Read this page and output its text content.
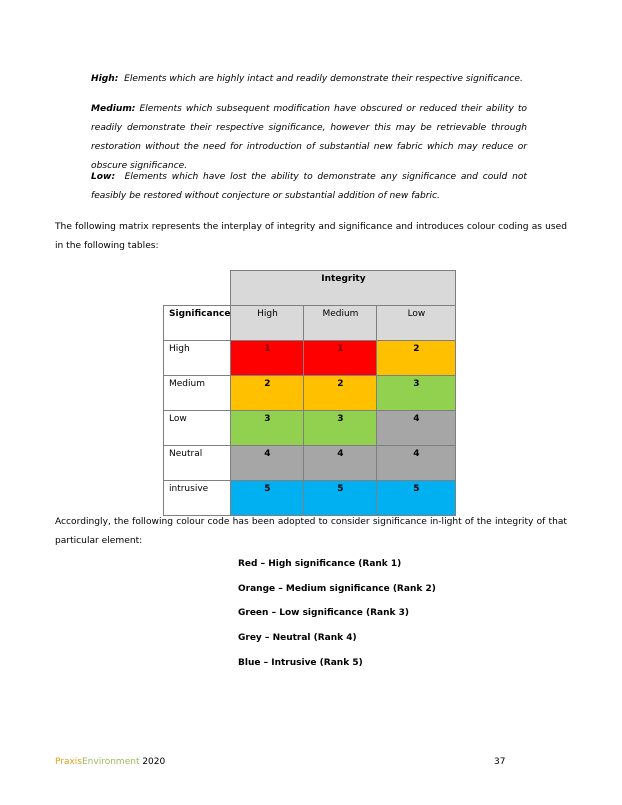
High: Elements which are highly intact and readily demonstrate their respective significance.

Medium: Elements which subsequent modification have obscured or reduced their ability to readily demonstrate their respective significance, however this may be retrievable through restoration without the need for introduction of substantial new fabric which may reduce or obscure significance.

Low: Elements which have lost the ability to demonstrate any significance and could not feasibly be restored without conjecture or substantial addition of new fabric.

The following matrix represents the interplay of integrity and significance and introduces colour coding as used in the following tables:

	Integrity		
Significance	High	Medium	Low
High	1	1	2
Medium	2	2	3
Low	3	3	4
Neutral	4	4	4
intrusive	5	5	5

Accordingly, the following colour code has been adopted to consider significance in-light of the integrity of that particular element:

Red – High significance (Rank 1)

Orange – Medium significance (Rank 2)

Green – Low significance (Rank 3)

Grey – Neutral (Rank 4)

Blue – Intrusive (Rank 5)

PraxisEnvironment 2020	37
